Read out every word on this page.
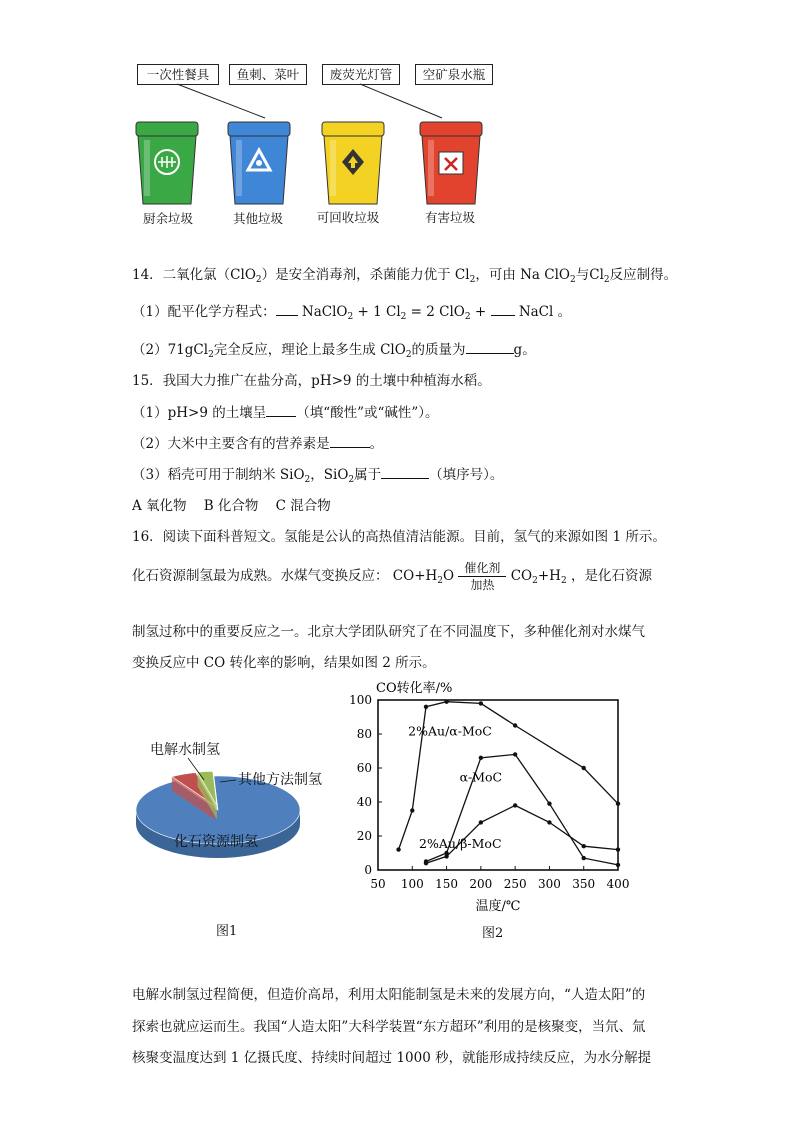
一次性餐具	鱼刺、菜叶	废荧光灯管	空矿泉水瓶
厨余垃圾	其他垃圾	可回收垃圾	有害垃圾
14．二氧化氯（ClO$_2$）是安全消毒剂，杀菌能力优于 $Cl_2$，可由 Na ClO$_2$与$Cl_2$反应制得。
（1）配平化学方程式： NaClO$_2$ + 1 $Cl_2 = 2$ ClO$_2$ + NaCl 。
（2）71gCl$_2$完全反应，理论上最多生成 ClO$_2$的质量为	g。
15．我国大力推广在盐分高，pH>9 的土壤中种植海水稻。
（1）pH>9 的土壤呈 （填“酸性”或“碱性”）。
（2）大米中主要含有的营养素是	。
（3）稻壳可用于制纳米 SiO$_2$，SiO$_2$属于	（填序号）。
A 氧化物    B 化合物    C 混合物
16．阅读下面科普短文。氢能是公认的高热值清洁能源。目前，氢气的来源如图 1 所示。
化石资源制氢最为成熟。水煤气变换反应： $CO+H_2O$ 催化剂
加热
$CO_2+H_2$ ，是化石资源
制氢过称中的重要反应之一。北京大学团队研究了在不同温度下，多种催化剂对水煤气
变换反应中 CO 转化率的影响，结果如图 2 所示。
化石资源制氢
电解水制氢
其他方法制氢
图1
0
20
40
60
80
100
50 100 150 200 250 300 350 400
CO转化率/%
温度/℃
2%Au/α-MoC
α-MoC
2%Au/β-MoC
图2
电解水制氢过程简便，但造价高昂，利用太阳能制氢是未来的发展方向，“人造太阳”的
探索也就应运而生。我国“人造太阳”大科学装置“东方超环”利用的是核聚变，当氘、氚
核聚变温度达到 1 亿摄氏度、持续时间超过 1000 秒，就能形成持续反应，为水分解提
